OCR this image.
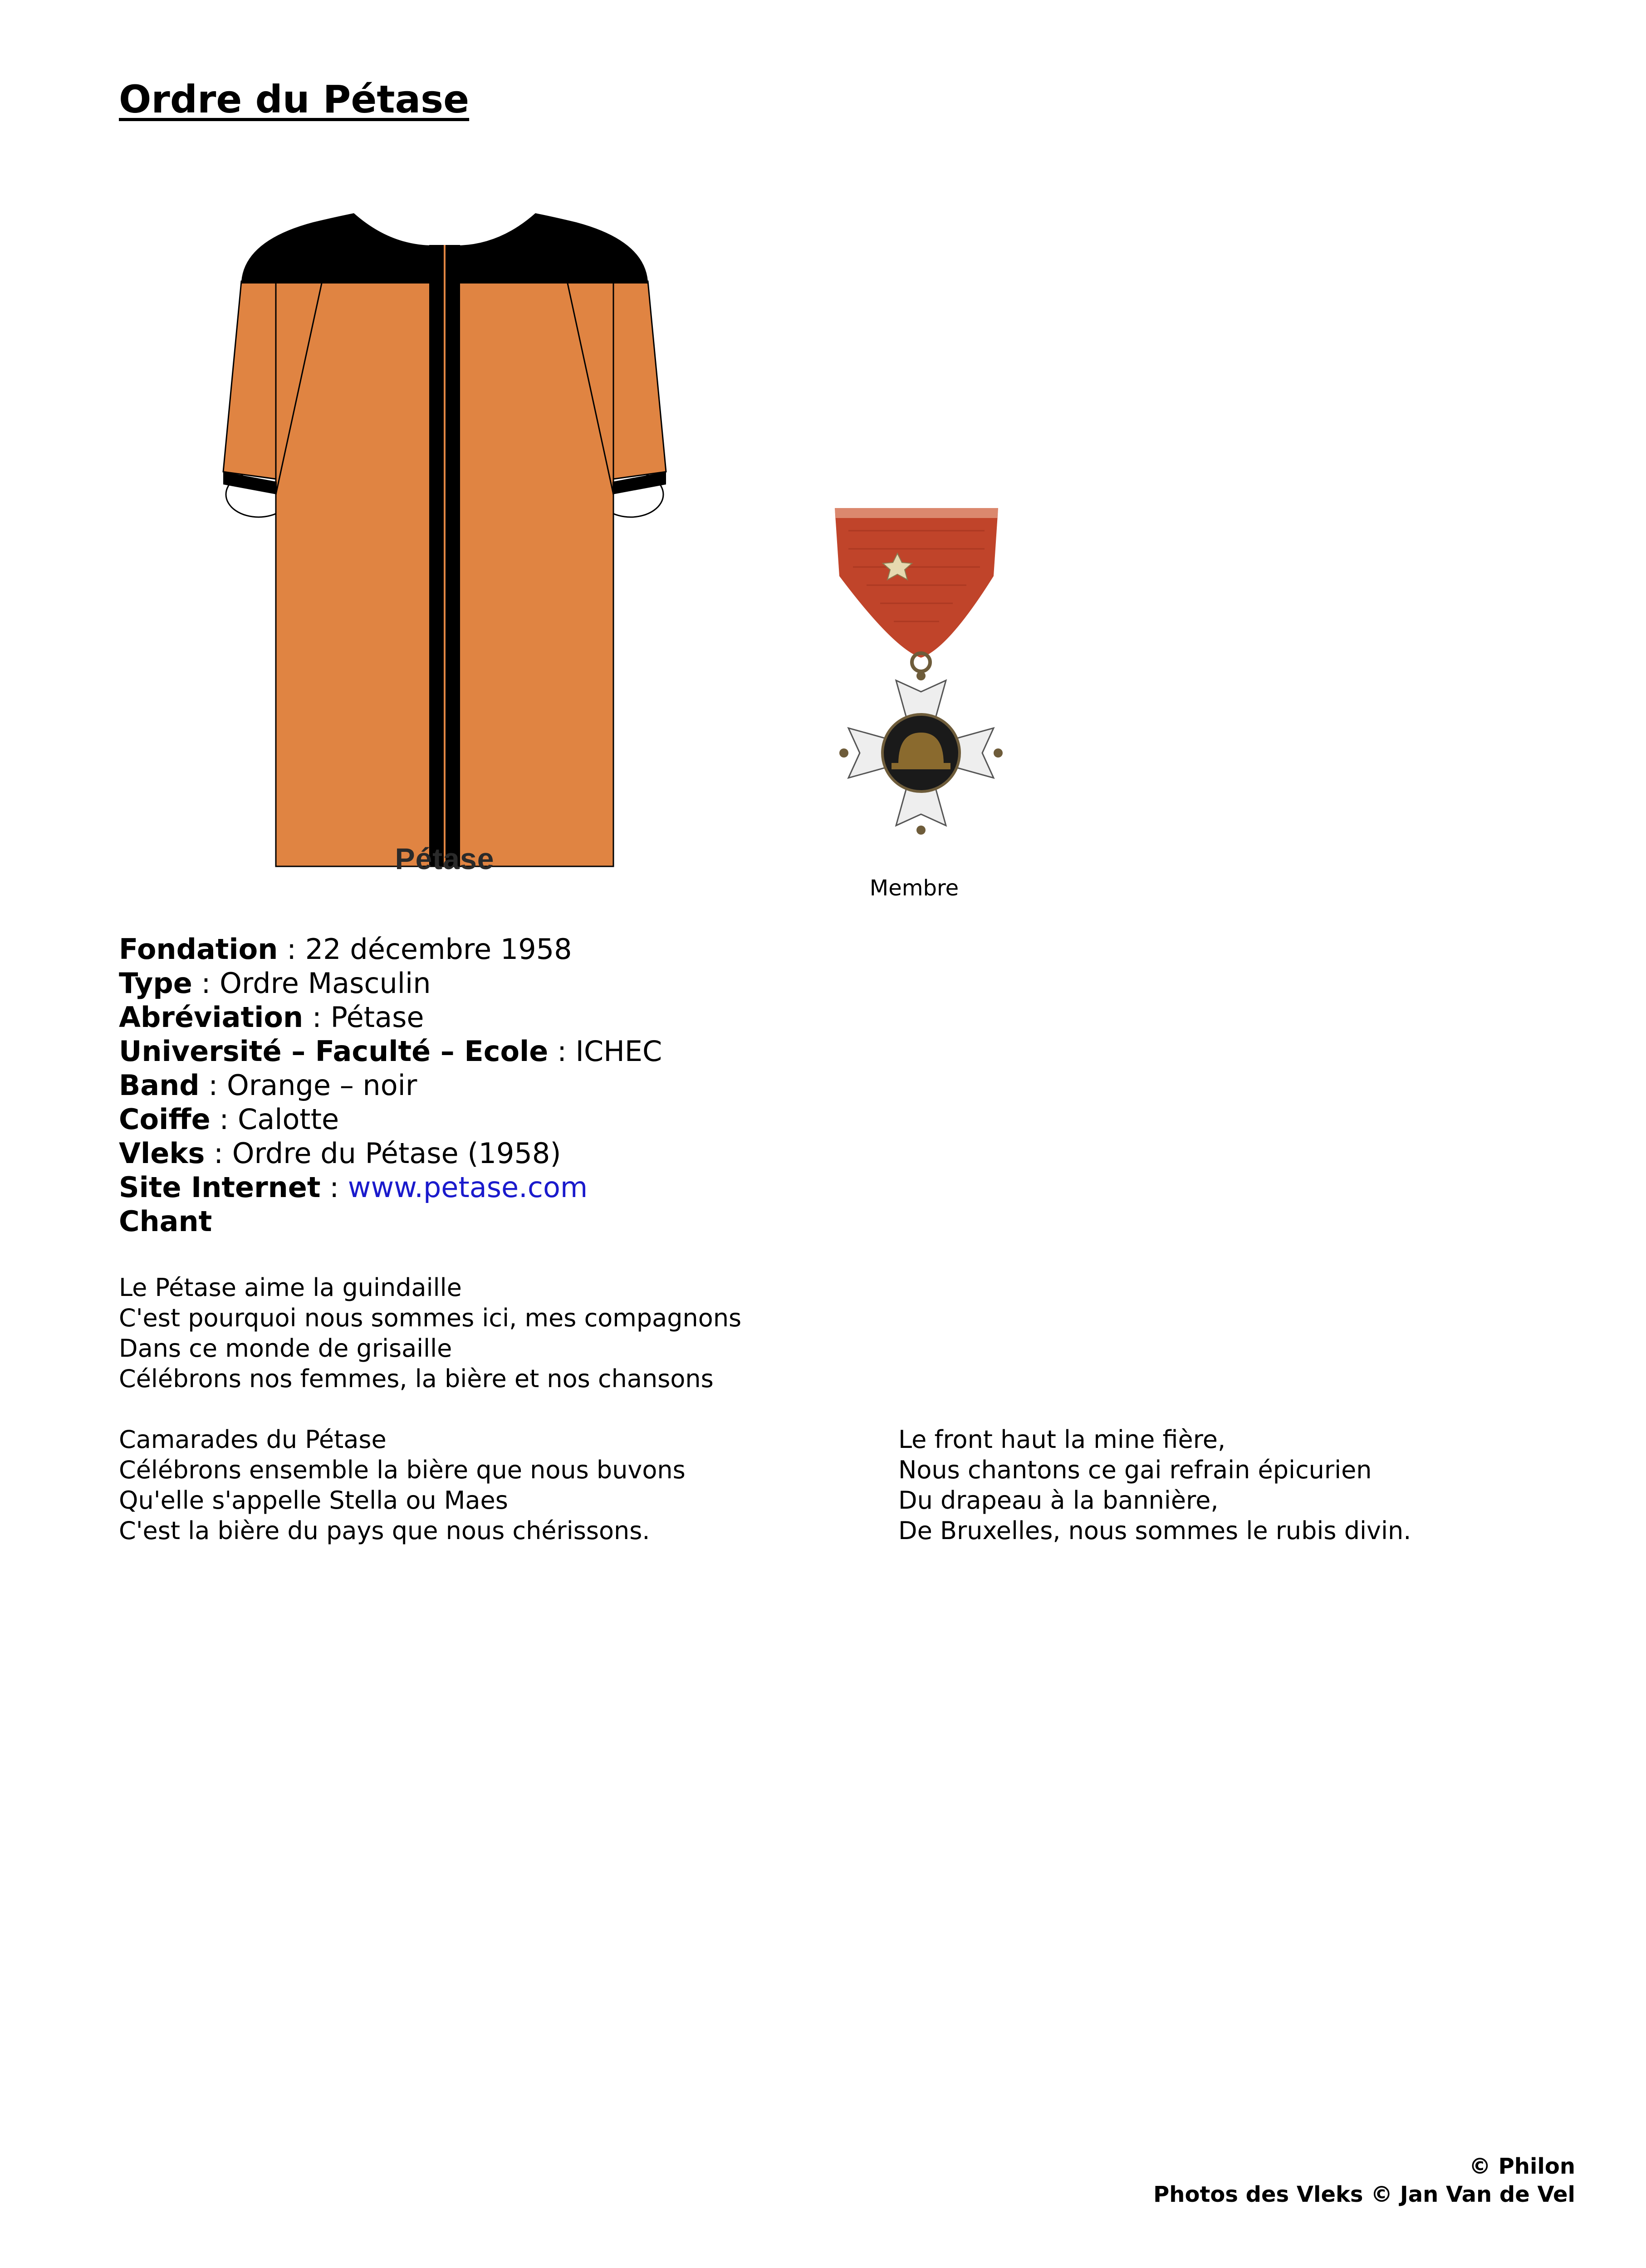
Ordre du Pétase
Pétase
Membre
Fondation : 22 décembre 1958
Type : Ordre Masculin
Abréviation : Pétase
Université – Faculté – Ecole : ICHEC
Band : Orange – noir
Coiffe : Calotte
Vleks : Ordre du Pétase (1958)
Site Internet : www.petase.com
Chant
Le Pétase aime la guindaille
C'est pourquoi nous sommes ici, mes compagnons
Dans ce monde de grisaille
Célébrons nos femmes, la bière et nos chansons
Camarades du Pétase
Célébrons ensemble la bière que nous buvons
Qu'elle s'appelle Stella ou Maes
C'est la bière du pays que nous chérissons.
Le front haut la mine fière,
Nous chantons ce gai refrain épicurien
Du drapeau à la bannière,
De Bruxelles, nous sommes le rubis divin.
© Philon
Photos des Vleks © Jan Van de Vel
